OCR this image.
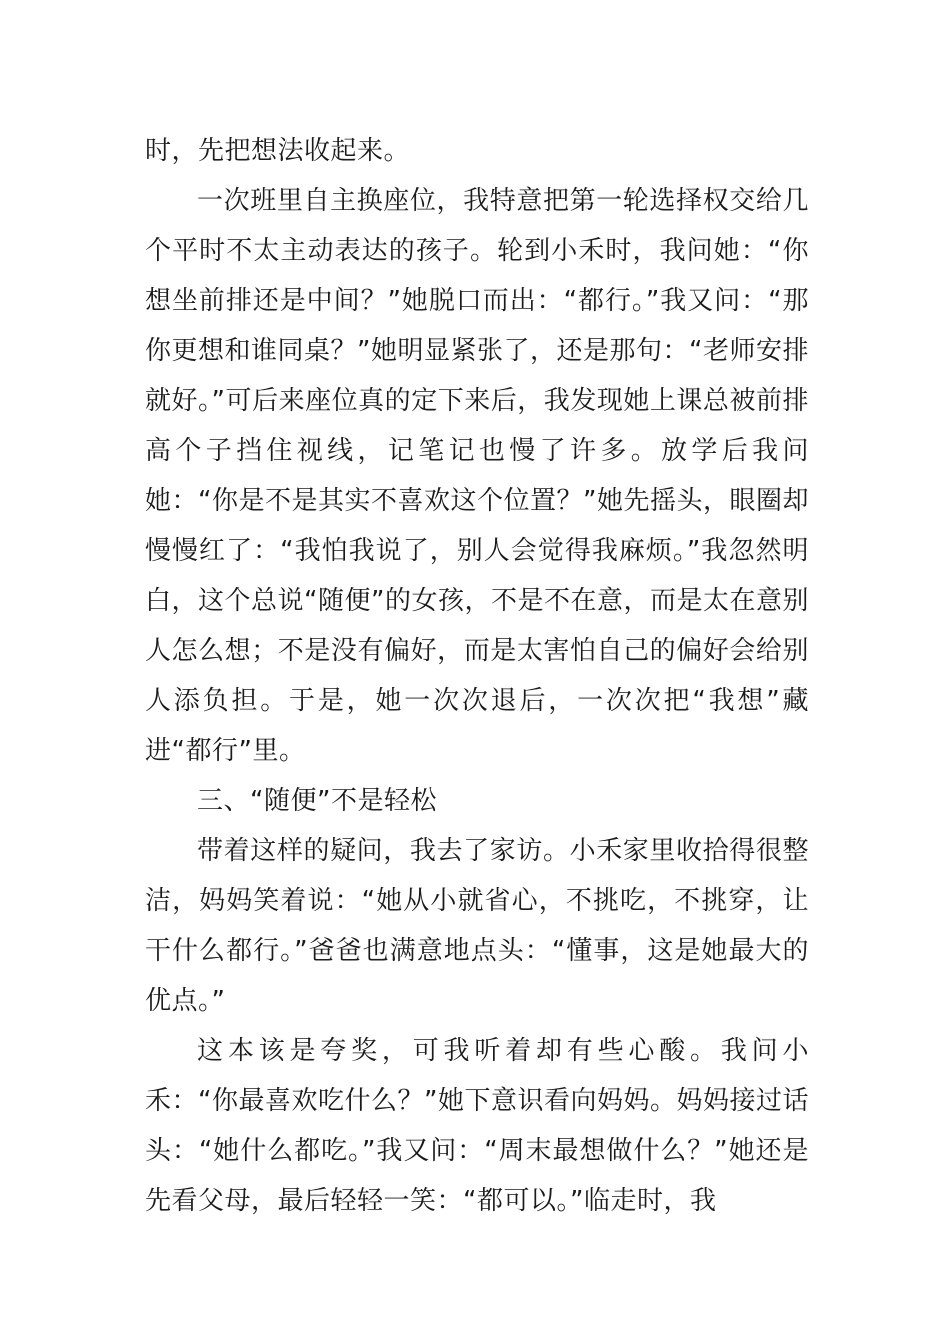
时，先把想法收起来。

一次班里自主换座位，我特意把第一轮选择权交给几个平时不太主动表达的孩子。轮到小禾时，我问她：“你想坐前排还是中间？”她脱口而出：“都行。”我又问：“那你更想和谁同桌？”她明显紧张了，还是那句：“老师安排就好。”可后来座位真的定下来后，我发现她上课总被前排高个子挡住视线，记笔记也慢了许多。放学后我问她：“你是不是其实不喜欢这个位置？”她先摇头，眼圈却慢慢红了：“我怕我说了，别人会觉得我麻烦。”我忽然明白，这个总说“随便”的女孩，不是不在意，而是太在意别人怎么想；不是没有偏好，而是太害怕自己的偏好会给别人添负担。于是，她一次次退后，一次次把“我想”藏进“都行”里。

三、“随便”不是轻松

带着这样的疑问，我去了家访。小禾家里收拾得很整洁，妈妈笑着说：“她从小就省心，不挑吃，不挑穿，让干什么都行。”爸爸也满意地点头：“懂事，这是她最大的优点。”

这本该是夸奖，可我听着却有些心酸。我问小禾：“你最喜欢吃什么？”她下意识看向妈妈。妈妈接过话头：“她什么都吃。”我又问：“周末最想做什么？”她还是先看父母，最后轻轻一笑：“都可以。”临走时，我
